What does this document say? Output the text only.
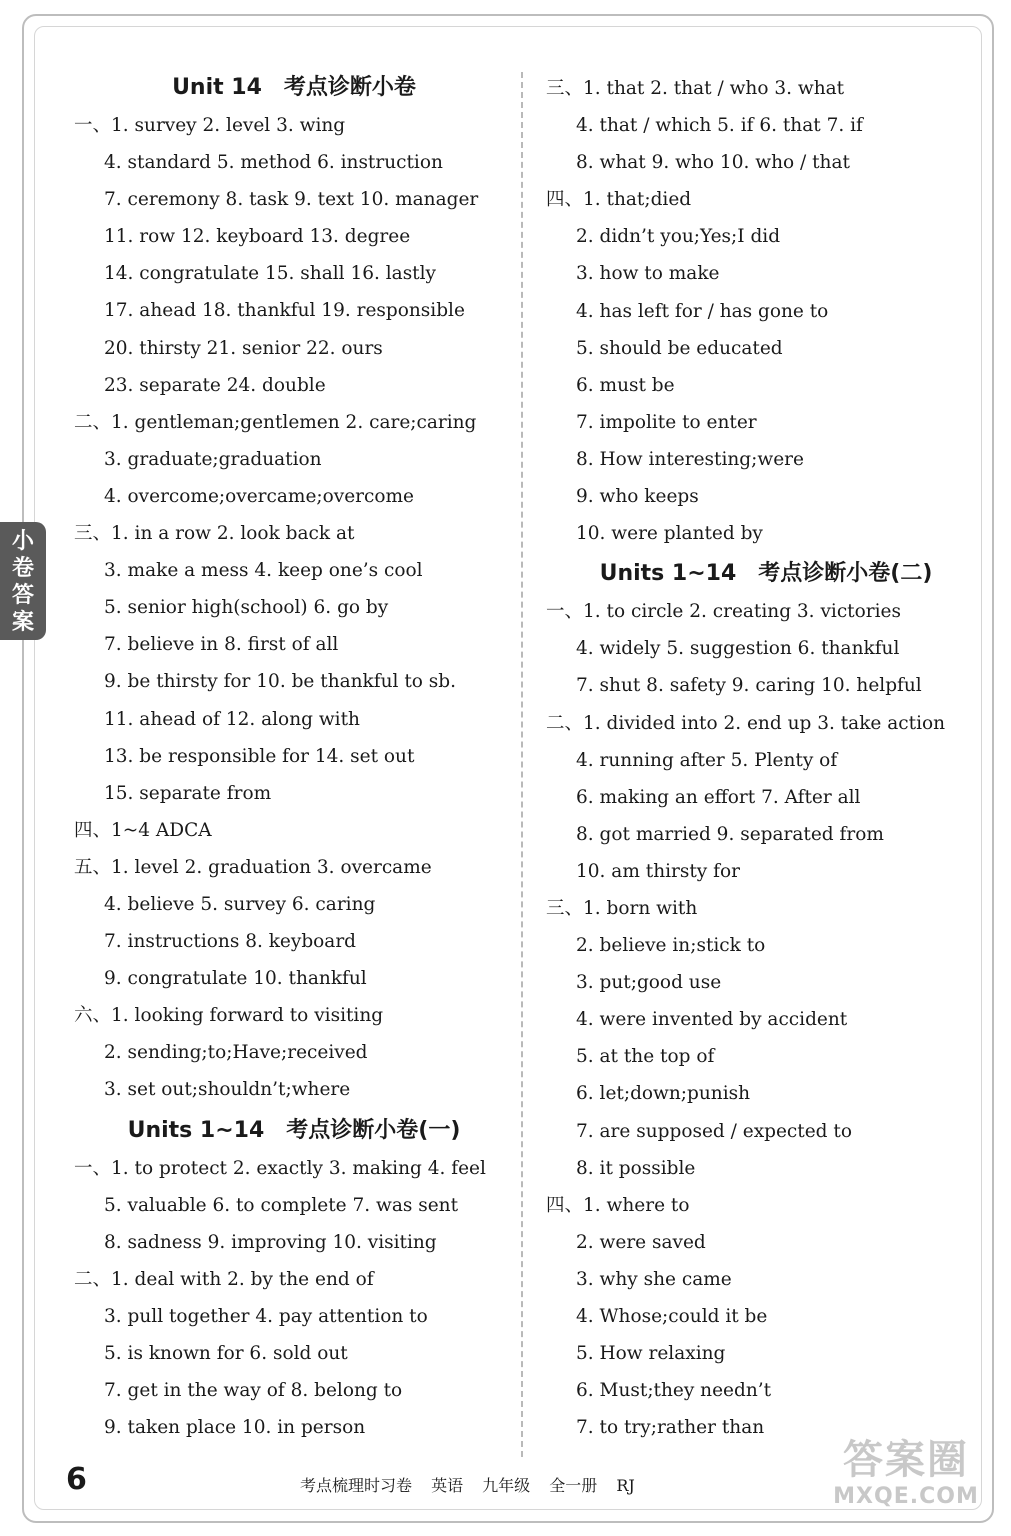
Unit 14 考点诊断小卷
一、1. survey 2. level 3. wing
4. standard 5. method 6. instruction
7. ceremony 8. task 9. text 10. manager
11. row 12. keyboard 13. degree
14. congratulate 15. shall 16. lastly
17. ahead 18. thankful 19. responsible
20. thirsty 21. senior 22. ours
23. separate 24. double
二、1. gentleman;gentlemen 2. care;caring
3. graduate;graduation
4. overcome;overcame;overcome
三、1. in a row 2. look back at
3. make a mess 4. keep one’s cool
5. senior high(school) 6. go by
7. believe in 8. first of all
9. be thirsty for 10. be thankful to sb.
11. ahead of 12. along with
13. be responsible for 14. set out
15. separate from
四、1~4 ADCA
五、1. level 2. graduation 3. overcame
4. believe 5. survey 6. caring
7. instructions 8. keyboard
9. congratulate 10. thankful
六、1. looking forward to visiting
2. sending;to;Have;received
3. set out;shouldn’t;where
Units 1~14 考点诊断小卷(一)
一、1. to protect 2. exactly 3. making 4. feel
5. valuable 6. to complete 7. was sent
8. sadness 9. improving 10. visiting
二、1. deal with 2. by the end of
3. pull together 4. pay attention to
5. is known for 6. sold out
7. get in the way of 8. belong to
9. taken place 10. in person
三、1. that 2. that / who 3. what
4. that / which 5. if 6. that 7. if
8. what 9. who 10. who / that
四、1. that;died
2. didn’t you;Yes;I did
3. how to make
4. has left for / has gone to
5. should be educated
6. must be
7. impolite to enter
8. How interesting;were
9. who keeps
10. were planted by
Units 1~14 考点诊断小卷(二)
一、1. to circle 2. creating 3. victories
4. widely 5. suggestion 6. thankful
7. shut 8. safety 9. caring 10. helpful
二、1. divided into 2. end up 3. take action
4. running after 5. Plenty of
6. making an effort 7. After all
8. got married 9. separated from
10. am thirsty for
三、1. born with
2. believe in;stick to
3. put;good use
4. were invented by accident
5. at the top of
6. let;down;punish
7. are supposed / expected to
8. it possible
四、1. where to
2. were saved
3. why she came
4. Whose;could it be
5. How relaxing
6. Must;they needn’t
7. to try;rather than
小
卷
答
案
6	考点梳理时习卷 英语 九年级 全一册 RJ
答案圈
MXQE.COM
